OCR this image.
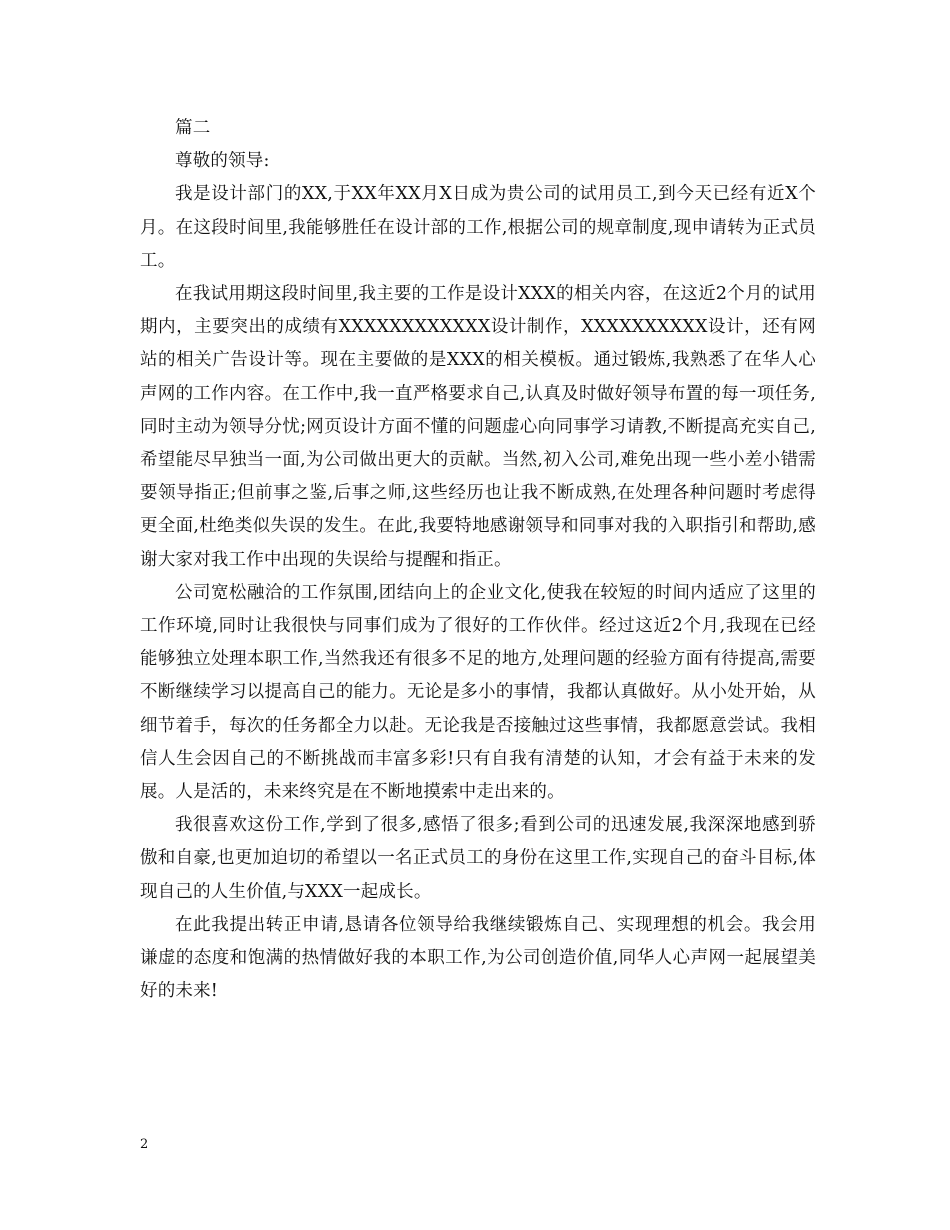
篇二

尊敬的领导:

我是设计部门的XX,于XX年XX月X日成为贵公司的试用员工,到今天已经有近X个月。在这段时间里,我能够胜任在设计部的工作,根据公司的规章制度,现申请转为正式员工。

在我试用期这段时间里,我主要的工作是设计XXX的相关内容，在这近2个月的试用期内，主要突出的成绩有XXXXXXXXXXXX设计制作，XXXXXXXXXX设计，还有网站的相关广告设计等。现在主要做的是XXX的相关模板。通过锻炼,我熟悉了在华人心声网的工作内容。在工作中,我一直严格要求自己,认真及时做好领导布置的每一项任务,同时主动为领导分忧;网页设计方面不懂的问题虚心向同事学习请教,不断提高充实自己,希望能尽早独当一面,为公司做出更大的贡献。当然,初入公司,难免出现一些小差小错需要领导指正;但前事之鉴,后事之师,这些经历也让我不断成熟,在处理各种问题时考虑得更全面,杜绝类似失误的发生。在此,我要特地感谢领导和同事对我的入职指引和帮助,感谢大家对我工作中出现的失误给与提醒和指正。

公司宽松融洽的工作氛围,团结向上的企业文化,使我在较短的时间内适应了这里的工作环境,同时让我很快与同事们成为了很好的工作伙伴。经过这近2个月,我现在已经能够独立处理本职工作,当然我还有很多不足的地方,处理问题的经验方面有待提高,需要不断继续学习以提高自己的能力。无论是多小的事情，我都认真做好。从小处开始，从细节着手，每次的任务都全力以赴。无论我是否接触过这些事情，我都愿意尝试。我相信人生会因自己的不断挑战而丰富多彩!只有自我有清楚的认知，才会有益于未来的发展。人是活的，未来终究是在不断地摸索中走出来的。

我很喜欢这份工作,学到了很多,感悟了很多;看到公司的迅速发展,我深深地感到骄傲和自豪,也更加迫切的希望以一名正式员工的身份在这里工作,实现自己的奋斗目标,体现自己的人生价值,与XXX一起成长。

在此我提出转正申请,恳请各位领导给我继续锻炼自己、实现理想的机会。我会用谦虚的态度和饱满的热情做好我的本职工作,为公司创造价值,同华人心声网一起展望美好的未来!

2
